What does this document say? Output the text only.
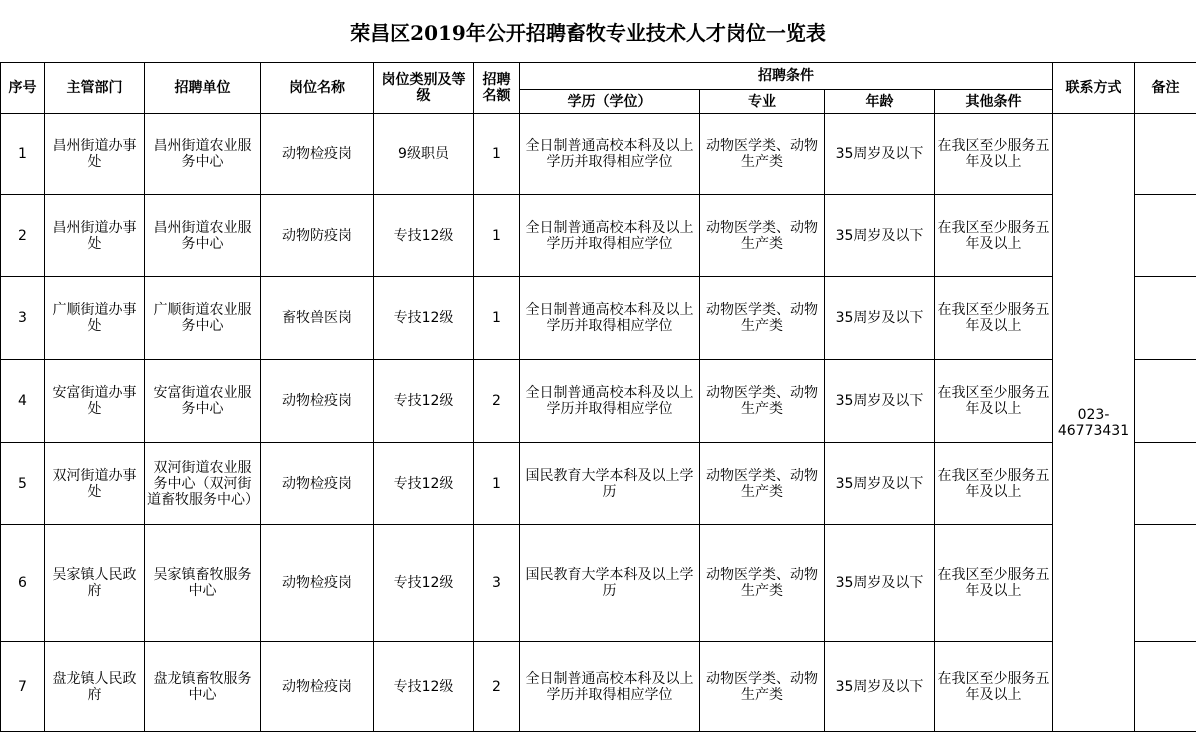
荣昌区2019年公开招聘畜牧专业技术人才岗位一览表
序号	主管部门	招聘单位	岗位名称	岗位类别及等级	招聘名额	招聘条件				联系方式	备注
						学历（学位）	专业	年龄	其他条件		
1	昌州街道办事处	昌州街道农业服务中心	动物检疫岗	9级职员	1	全日制普通高校本科及以上学历并取得相应学位	动物医学类、动物生产类	35周岁及以下	在我区至少服务五年及以上	023-46773431	
2	昌州街道办事处	昌州街道农业服务中心	动物防疫岗	专技12级	1	全日制普通高校本科及以上学历并取得相应学位	动物医学类、动物生产类	35周岁及以下	在我区至少服务五年及以上		
3	广顺街道办事处	广顺街道农业服务中心	畜牧兽医岗	专技12级	1	全日制普通高校本科及以上学历并取得相应学位	动物医学类、动物生产类	35周岁及以下	在我区至少服务五年及以上		
4	安富街道办事处	安富街道农业服务中心	动物检疫岗	专技12级	2	全日制普通高校本科及以上学历并取得相应学位	动物医学类、动物生产类	35周岁及以下	在我区至少服务五年及以上		
5	双河街道办事处	双河街道农业服务中心（双河街道畜牧服务中心）	动物检疫岗	专技12级	1	国民教育大学本科及以上学历	动物医学类、动物生产类	35周岁及以下	在我区至少服务五年及以上		
6	吴家镇人民政府	吴家镇畜牧服务中心	动物检疫岗	专技12级	3	国民教育大学本科及以上学历	动物医学类、动物生产类	35周岁及以下	在我区至少服务五年及以上		
7	盘龙镇人民政府	盘龙镇畜牧服务中心	动物检疫岗	专技12级	2	全日制普通高校本科及以上学历并取得相应学位	动物医学类、动物生产类	35周岁及以下	在我区至少服务五年及以上		
